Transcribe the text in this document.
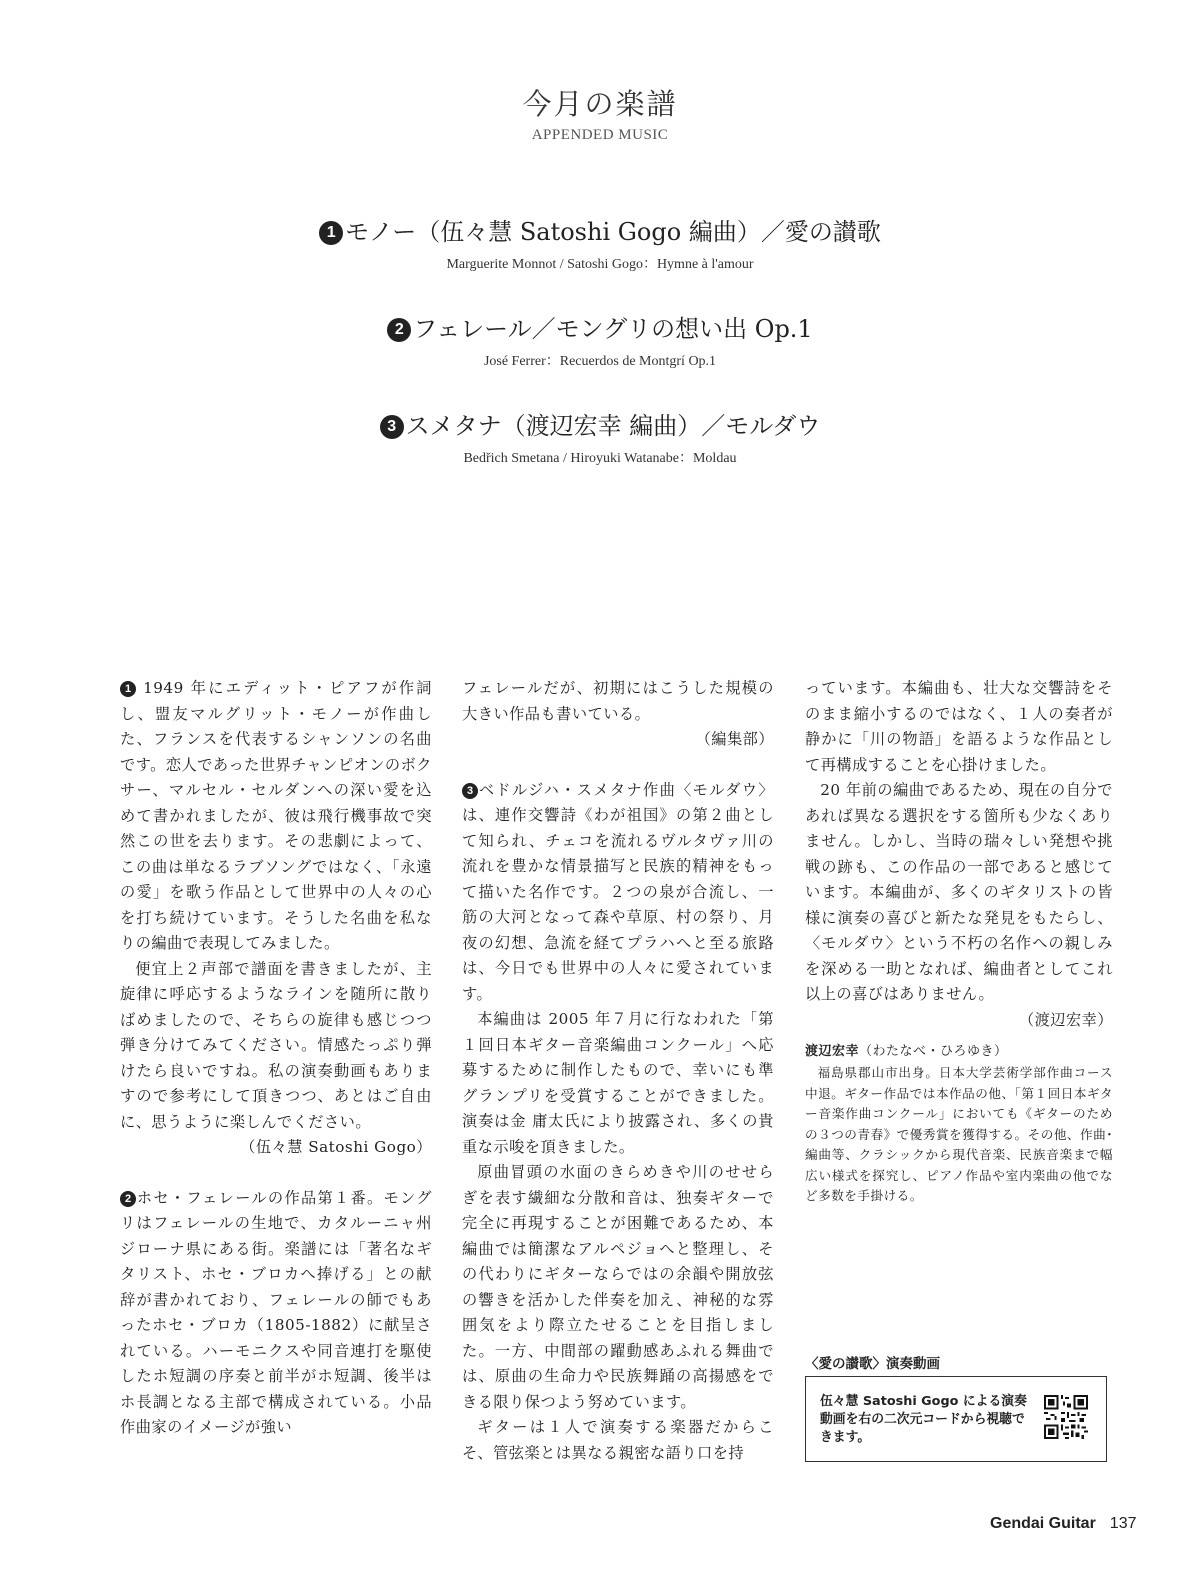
今月の楽譜
APPENDED MUSIC
1 モノー（伍々慧 Satoshi Gogo 編曲）／愛の讃歌
Marguerite Monnot / Satoshi Gogo：Hymne à l'amour
2 フェレール／モングリの想い出 Op.1
José Ferrer：Recuerdos de Montgrí Op.1
3 スメタナ（渡辺宏幸 編曲）／モルダウ
Bedřich Smetana / Hiroyuki Watanabe：Moldau

1 1949 年にエディット・ピアフが作詞し、盟友マルグリット・モノーが作曲した、フランスを代表するシャンソンの名曲です。恋人であった世界チャンピオンのボクサー、マルセル・セルダンへの深い愛を込めて書かれましたが、彼は飛行機事故で突然この世を去ります。その悲劇によって、この曲は単なるラブソングではなく、「永遠の愛」を歌う作品として世界中の人々の心を打ち続けています。そうした名曲を私なりの編曲で表現してみました。

便宜上２声部で譜面を書きましたが、主旋律に呼応するようなラインを随所に散りばめましたので、そちらの旋律も感じつつ弾き分けてみてください。情感たっぷり弾けたら良いですね。私の演奏動画もありますので参考にして頂きつつ、あとはご自由に、思うように楽しんでください。
（伍々慧 Satoshi Gogo）

2 ホセ・フェレールの作品第１番。モングリはフェレールの生地で、カタルーニャ州ジローナ県にある街。楽譜には「著名なギタリスト、ホセ・ブロカへ捧げる」との献辞が書かれており、フェレールの師でもあったホセ・ブロカ（1805-1882）に献呈されている。ハーモニクスや同音連打を駆使したホ短調の序奏と前半がホ短調、後半はホ長調となる主部で構成されている。小品作曲家のイメージが強い

フェレールだが、初期にはこうした規模の大きい作品も書いている。
（編集部）

3 ベドルジハ・スメタナ作曲〈モルダウ〉は、連作交響詩《わが祖国》の第２曲として知られ、チェコを流れるヴルタヴァ川の流れを豊かな情景描写と民族的精神をもって描いた名作です。２つの泉が合流し、一筋の大河となって森や草原、村の祭り、月夜の幻想、急流を経てプラハへと至る旅路は、今日でも世界中の人々に愛されています。

本編曲は 2005 年７月に行なわれた「第１回日本ギター音楽編曲コンクール」へ応募するために制作したもので、幸いにも準グランプリを受賞することができました。演奏は金 庸太氏により披露され、多くの貴重な示唆を頂きました。

原曲冒頭の水面のきらめきや川のせせらぎを表す繊細な分散和音は、独奏ギターで完全に再現することが困難であるため、本編曲では簡潔なアルペジョへと整理し、その代わりにギターならではの余韻や開放弦の響きを活かした伴奏を加え、神秘的な雰囲気をより際立たせることを目指しました。一方、中間部の躍動感あふれる舞曲では、原曲の生命力や民族舞踊の高揚感をできる限り保つよう努めています。

ギターは１人で演奏する楽器だからこそ、管弦楽とは異なる親密な語り口を持

っています。本編曲も、壮大な交響詩をそのまま縮小するのではなく、１人の奏者が静かに「川の物語」を語るような作品として再構成することを心掛けました。

20 年前の編曲であるため、現在の自分であれば異なる選択をする箇所も少なくありません。しかし、当時の瑞々しい発想や挑戦の跡も、この作品の一部であると感じています。本編曲が、多くのギタリストの皆様に演奏の喜びと新たな発見をもたらし、〈モルダウ〉という不朽の名作への親しみを深める一助となれば、編曲者としてこれ以上の喜びはありません。
（渡辺宏幸）

渡辺宏幸（わたなべ・ひろゆき）

福島県郡山市出身。日本大学芸術学部作曲コース中退。ギター作品では本作品の他、「第１回日本ギター音楽作曲コンクール」においても《ギターのための３つの青春》で優秀賞を獲得する。その他、作曲･編曲等、クラシックから現代音楽、民族音楽まで幅広い様式を探究し、ピアノ作品や室内楽曲の他でなど多数を手掛ける。

〈愛の讃歌〉演奏動画
伍々慧 Satoshi Gogo による演奏動画を右の二次元コードから視聴できます。
Gendai Guitar 137
